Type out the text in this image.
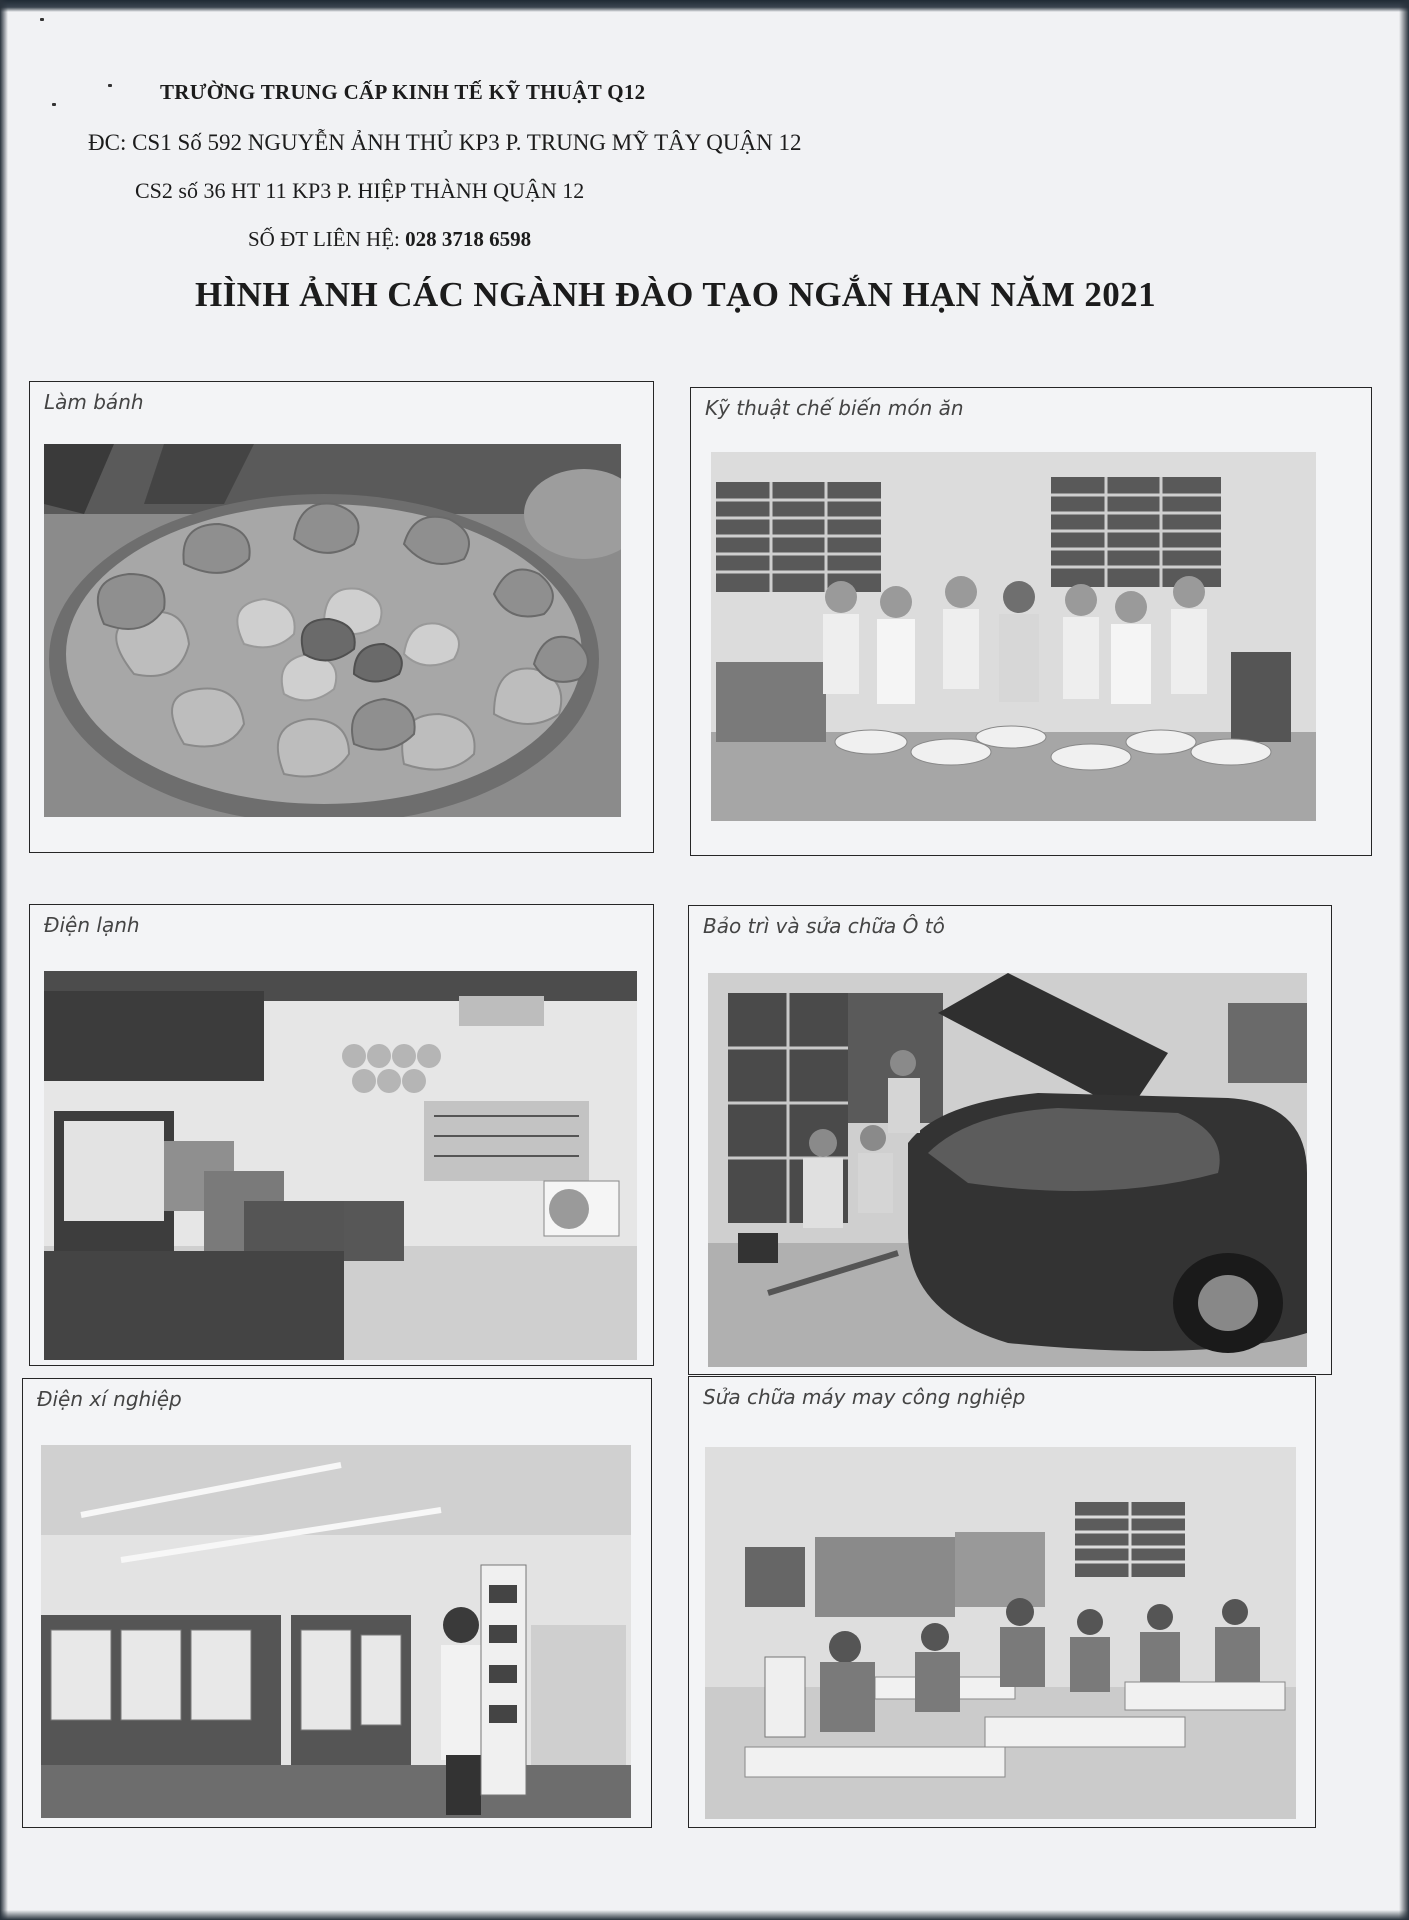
TRƯỜNG TRUNG CẤP KINH TẾ KỸ THUẬT Q12
ĐC: CS1 Số 592 NGUYỄN ẢNH THỦ KP3 P. TRUNG MỸ TÂY QUẬN 12
CS2 số 36 HT 11 KP3 P. HIỆP THÀNH QUẬN 12
SỐ ĐT LIÊN HỆ: 028 3718 6598
HÌNH ẢNH CÁC NGÀNH ĐÀO TẠO NGẮN HẠN NĂM 2021
Làm bánh	Kỹ thuật chế biến món ăn
Điện lạnh	Bảo trì và sửa chữa Ô tô
Điện xí nghiệp	Sửa chữa máy may công nghiệp
